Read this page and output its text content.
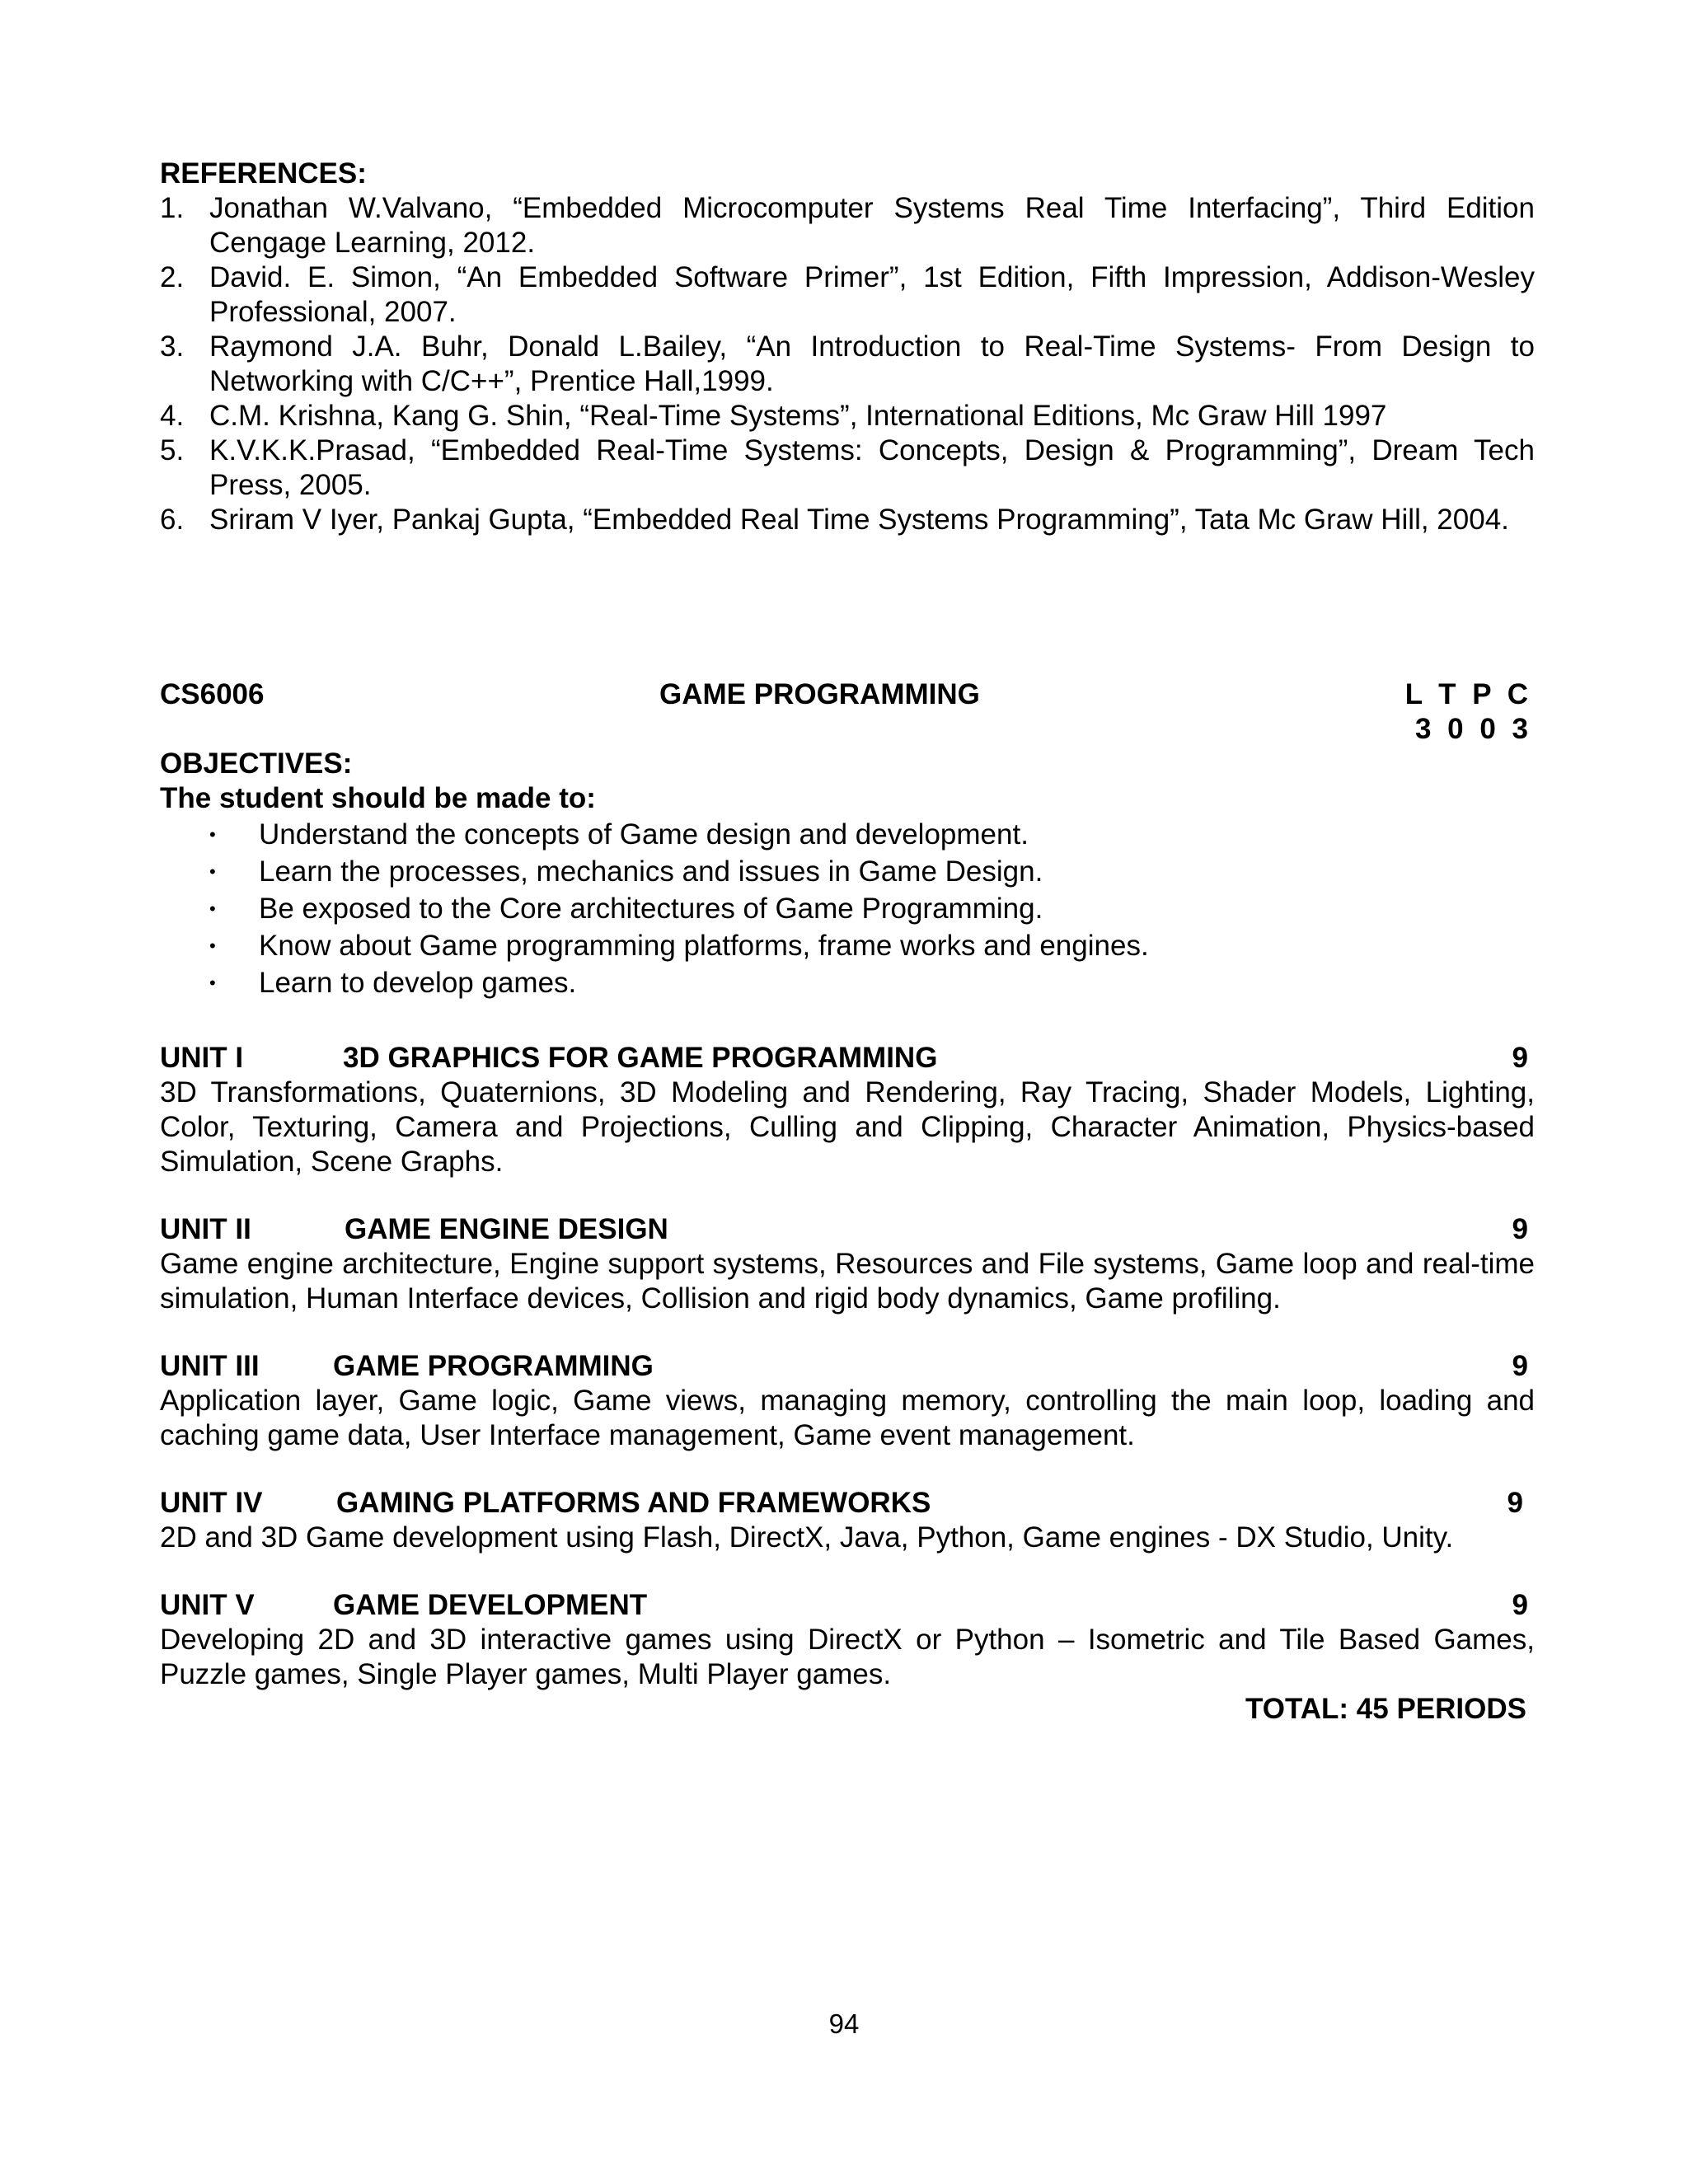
REFERENCES:
1. Jonathan W.Valvano, “Embedded Microcomputer Systems Real Time Interfacing”, Third Edition Cengage Learning, 2012.
2. David. E. Simon, “An Embedded Software Primer”, 1st Edition, Fifth Impression, Addison-Wesley Professional, 2007.
3. Raymond J.A. Buhr, Donald L.Bailey, “An Introduction to Real-Time Systems- From Design to Networking with C/C++”, Prentice Hall,1999.
4. C.M. Krishna, Kang G. Shin, “Real-Time Systems”, International Editions, Mc Graw Hill 1997
5. K.V.K.K.Prasad, “Embedded Real-Time Systems: Concepts, Design & Programming”, Dream Tech Press, 2005.
6. Sriram V Iyer, Pankaj Gupta, “Embedded Real Time Systems Programming”, Tata Mc Graw Hill, 2004.
CS6006	GAME PROGRAMMING	L T P C
3 0 0 3
OBJECTIVES:
The student should be made to:
• Understand the concepts of Game design and development.
• Learn the processes, mechanics and issues in Game Design.
• Be exposed to the Core architectures of Game Programming.
• Know about Game programming platforms, frame works and engines.
• Learn to develop games.
UNIT I	3D GRAPHICS FOR GAME PROGRAMMING	9
3D Transformations, Quaternions, 3D Modeling and Rendering, Ray Tracing, Shader Models, Lighting, Color, Texturing, Camera and Projections, Culling and Clipping, Character Animation, Physics-based Simulation, Scene Graphs.
UNIT II	GAME ENGINE DESIGN	9
Game engine architecture, Engine support systems, Resources and File systems, Game loop and real-time simulation, Human Interface devices, Collision and rigid body dynamics, Game profiling.
UNIT III	GAME PROGRAMMING	9
Application layer, Game logic, Game views, managing memory, controlling the main loop, loading and caching game data, User Interface management, Game event management.
UNIT IV	GAMING PLATFORMS AND FRAMEWORKS	9
2D and 3D Game development using Flash, DirectX, Java, Python, Game engines - DX Studio, Unity.
UNIT V	GAME DEVELOPMENT	9
Developing 2D and 3D interactive games using DirectX or Python – Isometric and Tile Based Games, Puzzle games, Single Player games, Multi Player games.
TOTAL: 45 PERIODS
94
